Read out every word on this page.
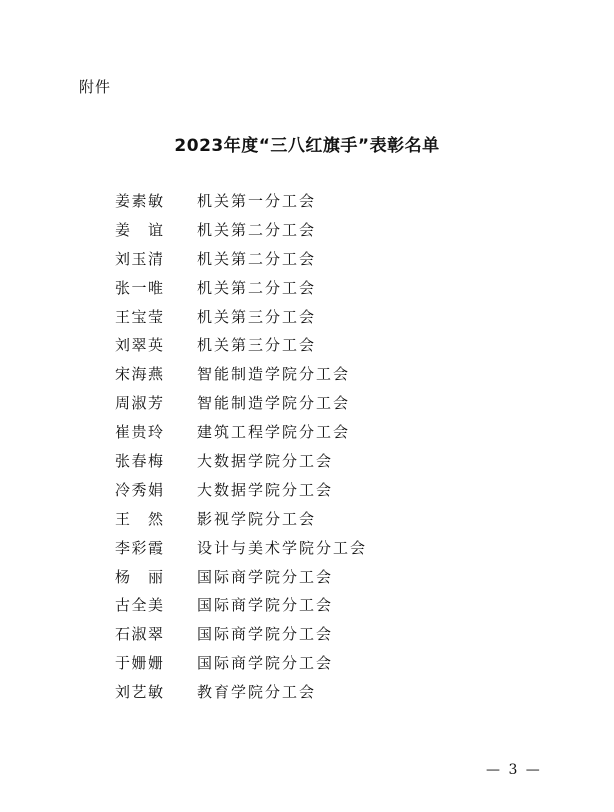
附件
2023年度“三八红旗手”表彰名单
姜素敏	机关第一分工会
姜　谊	机关第二分工会
刘玉清	机关第二分工会
张一唯	机关第二分工会
王宝莹	机关第三分工会
刘翠英	机关第三分工会
宋海燕	智能制造学院分工会
周淑芳	智能制造学院分工会
崔贵玲	建筑工程学院分工会
张春梅	大数据学院分工会
冷秀娟	大数据学院分工会
王　然	影视学院分工会
李彩霞	设计与美术学院分工会
杨　丽	国际商学院分工会
古全美	国际商学院分工会
石淑翠	国际商学院分工会
于姗姗	国际商学院分工会
刘艺敏	教育学院分工会
— 3 —
